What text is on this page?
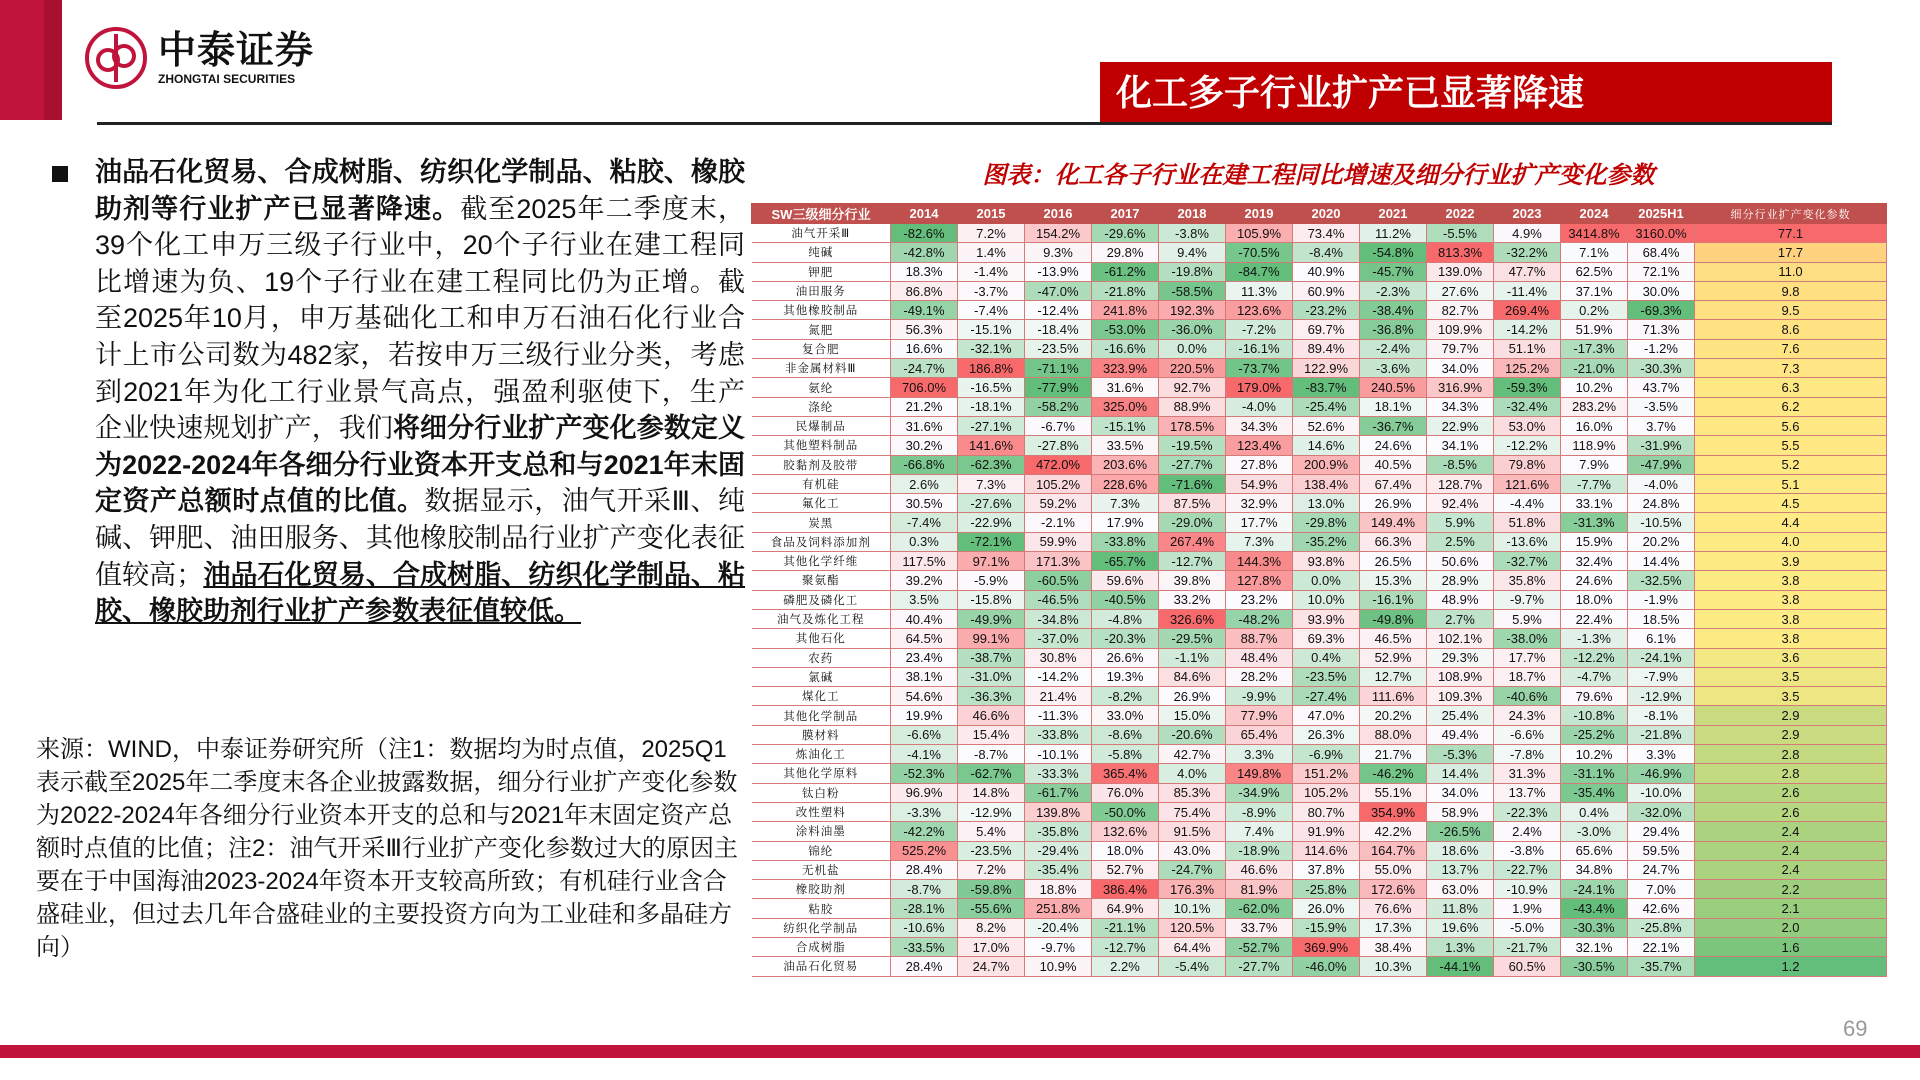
中泰证券
ZHONGTAI SECURITIES	化工多子行业扩产已显著降速
油品石化贸易、合成树脂、纺织化学制品、粘胶、橡胶助剂等行业扩产已显著降速。截至2025年二季度末，39个化工申万三级子行业中，20个子行业在建工程同比增速为负、19个子行业在建工程同比仍为正增。截至2025年10月，申万基础化工和申万石油石化行业合计上市公司数为482家，若按申万三级行业分类，考虑到2021年为化工行业景气高点，强盈利驱使下，生产企业快速规划扩产，我们将细分行业扩产变化参数定义为2022-2024年各细分行业资本开支总和与2021年末固定资产总额时点值的比值。数据显示，油气开采Ⅲ、纯碱、钾肥、油田服务、其他橡胶制品行业扩产变化表征值较高；油品石化贸易、合成树脂、纺织化学制品、粘胶、橡胶助剂行业扩产参数表征值较低。
来源：WIND，中泰证券研究所（注1：数据均为时点值，2025Q1表示截至2025年二季度末各企业披露数据，细分行业扩产变化参数为2022-2024年各细分行业资本开支的总和与2021年末固定资产总额时点值的比值；注2：油气开采Ⅲ行业扩产变化参数过大的原因主要在于中国海油2023-2024年资本开支较高所致；有机硅行业含合盛硅业，但过去几年合盛硅业的主要投资方向为工业硅和多晶硅方向）
图表：化工各子行业在建工程同比增速及细分行业扩产变化参数
SW三级细分行业	2014	2015	2016	2017	2018	2019	2020	2021	2022	2023	2024	2025H1	细分行业扩产变化参数
油气开采Ⅲ	-82.6%	7.2%	154.2%	-29.6%	-3.8%	105.9%	73.4%	11.2%	-5.5%	4.9%	3414.8%	3160.0%	77.1
纯碱	-42.8%	1.4%	9.3%	29.8%	9.4%	-70.5%	-8.4%	-54.8%	813.3%	-32.2%	7.1%	68.4%	17.7
钾肥	18.3%	-1.4%	-13.9%	-61.2%	-19.8%	-84.7%	40.9%	-45.7%	139.0%	47.7%	62.5%	72.1%	11.0
油田服务	86.8%	-3.7%	-47.0%	-21.8%	-58.5%	11.3%	60.9%	-2.3%	27.6%	-11.4%	37.1%	30.0%	9.8
其他橡胶制品	-49.1%	-7.4%	-12.4%	241.8%	192.3%	123.6%	-23.2%	-38.4%	82.7%	269.4%	0.2%	-69.3%	9.5
氮肥	56.3%	-15.1%	-18.4%	-53.0%	-36.0%	-7.2%	69.7%	-36.8%	109.9%	-14.2%	51.9%	71.3%	8.6
复合肥	16.6%	-32.1%	-23.5%	-16.6%	0.0%	-16.1%	89.4%	-2.4%	79.7%	51.1%	-17.3%	-1.2%	7.6
非金属材料Ⅲ	-24.7%	186.8%	-71.1%	323.9%	220.5%	-73.7%	122.9%	-3.6%	34.0%	125.2%	-21.0%	-30.3%	7.3
氨纶	706.0%	-16.5%	-77.9%	31.6%	92.7%	179.0%	-83.7%	240.5%	316.9%	-59.3%	10.2%	43.7%	6.3
涤纶	21.2%	-18.1%	-58.2%	325.0%	88.9%	-4.0%	-25.4%	18.1%	34.3%	-32.4%	283.2%	-3.5%	6.2
民爆制品	31.6%	-27.1%	-6.7%	-15.1%	178.5%	34.3%	52.6%	-36.7%	22.9%	53.0%	16.0%	3.7%	5.6
其他塑料制品	30.2%	141.6%	-27.8%	33.5%	-19.5%	123.4%	14.6%	24.6%	34.1%	-12.2%	118.9%	-31.9%	5.5
胶黏剂及胶带	-66.8%	-62.3%	472.0%	203.6%	-27.7%	27.8%	200.9%	40.5%	-8.5%	79.8%	7.9%	-47.9%	5.2
有机硅	2.6%	7.3%	105.2%	228.6%	-71.6%	54.9%	138.4%	67.4%	128.7%	121.6%	-7.7%	-4.0%	5.1
氟化工	30.5%	-27.6%	59.2%	7.3%	87.5%	32.9%	13.0%	26.9%	92.4%	-4.4%	33.1%	24.8%	4.5
炭黑	-7.4%	-22.9%	-2.1%	17.9%	-29.0%	17.7%	-29.8%	149.4%	5.9%	51.8%	-31.3%	-10.5%	4.4
食品及饲料添加剂	0.3%	-72.1%	59.9%	-33.8%	267.4%	7.3%	-35.2%	66.3%	2.5%	-13.6%	15.9%	20.2%	4.0
其他化学纤维	117.5%	97.1%	171.3%	-65.7%	-12.7%	144.3%	93.8%	26.5%	50.6%	-32.7%	32.4%	14.4%	3.9
聚氨酯	39.2%	-5.9%	-60.5%	59.6%	39.8%	127.8%	0.0%	15.3%	28.9%	35.8%	24.6%	-32.5%	3.8
磷肥及磷化工	3.5%	-15.8%	-46.5%	-40.5%	33.2%	23.2%	10.0%	-16.1%	48.9%	-9.7%	18.0%	-1.9%	3.8
油气及炼化工程	40.4%	-49.9%	-34.8%	-4.8%	326.6%	-48.2%	93.9%	-49.8%	2.7%	5.9%	22.4%	18.5%	3.8
其他石化	64.5%	99.1%	-37.0%	-20.3%	-29.5%	88.7%	69.3%	46.5%	102.1%	-38.0%	-1.3%	6.1%	3.8
农药	23.4%	-38.7%	30.8%	26.6%	-1.1%	48.4%	0.4%	52.9%	29.3%	17.7%	-12.2%	-24.1%	3.6
氯碱	38.1%	-31.0%	-14.2%	19.3%	84.6%	28.2%	-23.5%	12.7%	108.9%	18.7%	-4.7%	-7.9%	3.5
煤化工	54.6%	-36.3%	21.4%	-8.2%	26.9%	-9.9%	-27.4%	111.6%	109.3%	-40.6%	79.6%	-12.9%	3.5
其他化学制品	19.9%	46.6%	-11.3%	33.0%	15.0%	77.9%	47.0%	20.2%	25.4%	24.3%	-10.8%	-8.1%	2.9
膜材料	-6.6%	15.4%	-33.8%	-8.6%	-20.6%	65.4%	26.3%	88.0%	49.4%	-6.6%	-25.2%	-21.8%	2.9
炼油化工	-4.1%	-8.7%	-10.1%	-5.8%	42.7%	3.3%	-6.9%	21.7%	-5.3%	-7.8%	10.2%	3.3%	2.8
其他化学原料	-52.3%	-62.7%	-33.3%	365.4%	4.0%	149.8%	151.2%	-46.2%	14.4%	31.3%	-31.1%	-46.9%	2.8
钛白粉	96.9%	14.8%	-61.7%	76.0%	85.3%	-34.9%	105.2%	55.1%	34.0%	13.7%	-35.4%	-10.0%	2.6
改性塑料	-3.3%	-12.9%	139.8%	-50.0%	75.4%	-8.9%	80.7%	354.9%	58.9%	-22.3%	0.4%	-32.0%	2.6
涂料油墨	-42.2%	5.4%	-35.8%	132.6%	91.5%	7.4%	91.9%	42.2%	-26.5%	2.4%	-3.0%	29.4%	2.4
锦纶	525.2%	-23.5%	-29.4%	18.0%	43.0%	-18.9%	114.6%	164.7%	18.6%	-3.8%	65.6%	59.5%	2.4
无机盐	28.4%	7.2%	-35.4%	52.7%	-24.7%	46.6%	37.8%	55.0%	13.7%	-22.7%	34.8%	24.7%	2.4
橡胶助剂	-8.7%	-59.8%	18.8%	386.4%	176.3%	81.9%	-25.8%	172.6%	63.0%	-10.9%	-24.1%	7.0%	2.2
粘胶	-28.1%	-55.6%	251.8%	64.9%	10.1%	-62.0%	26.0%	76.6%	11.8%	1.9%	-43.4%	42.6%	2.1
纺织化学制品	-10.6%	8.2%	-20.4%	-21.1%	120.5%	33.7%	-15.9%	17.3%	19.6%	-5.0%	-30.3%	-25.8%	2.0
合成树脂	-33.5%	17.0%	-9.7%	-12.7%	64.4%	-52.7%	369.9%	38.4%	1.3%	-21.7%	32.1%	22.1%	1.6
油品石化贸易	28.4%	24.7%	10.9%	2.2%	-5.4%	-27.7%	-46.0%	10.3%	-44.1%	60.5%	-30.5%	-35.7%	1.2
69
